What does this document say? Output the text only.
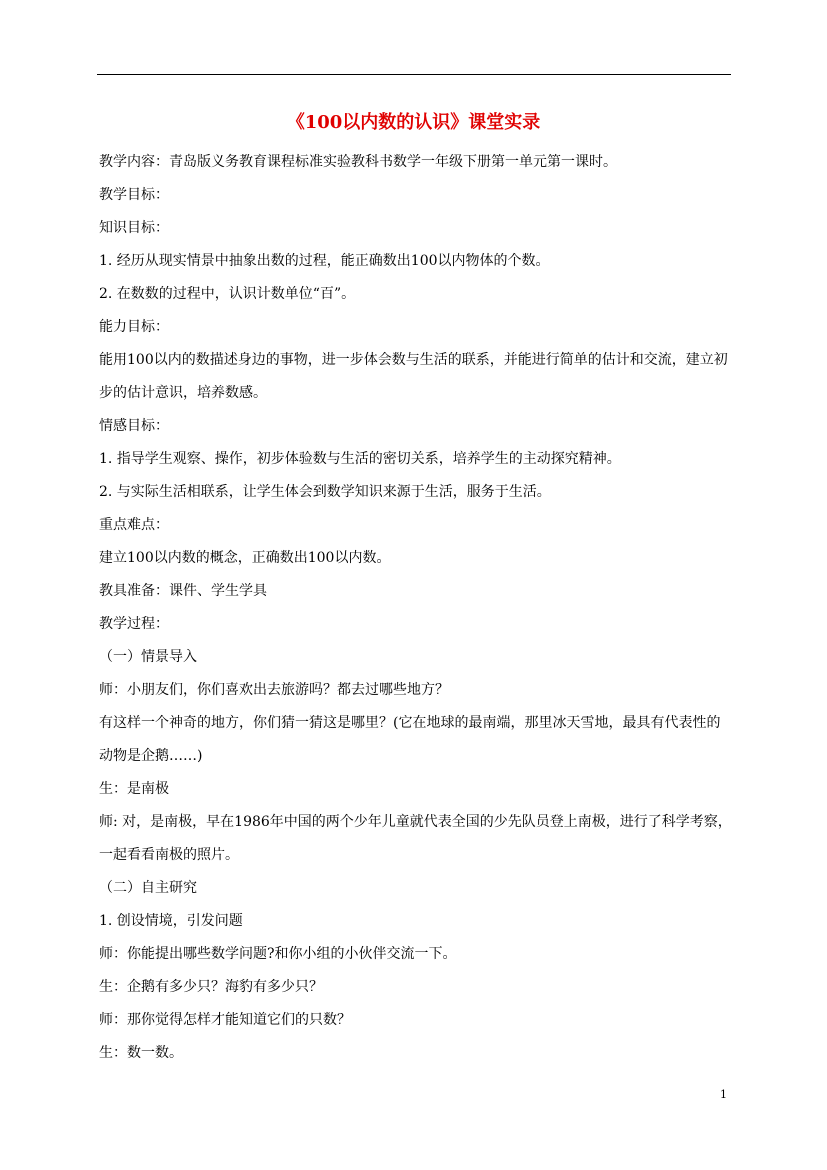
《100以内数的认识》课堂实录

教学内容：青岛版义务教育课程标准实验教科书数学一年级下册第一单元第一课时。

教学目标：

知识目标：

1. 经历从现实情景中抽象出数的过程，能正确数出100以内物体的个数。

2. 在数数的过程中，认识计数单位“百”。

能力目标：

能用100以内的数描述身边的事物，进一步体会数与生活的联系，并能进行简单的估计和交流，建立初步的估计意识，培养数感。

情感目标：

1. 指导学生观察、操作，初步体验数与生活的密切关系，培养学生的主动探究精神。

2. 与实际生活相联系，让学生体会到数学知识来源于生活，服务于生活。

重点难点：

建立100以内数的概念，正确数出100以内数。

教具准备：课件、学生学具

教学过程：

（一）情景导入

师：小朋友们，你们喜欢出去旅游吗？都去过哪些地方？

有这样一个神奇的地方，你们猜一猜这是哪里？(它在地球的最南端，那里冰天雪地，最具有代表性的动物是企鹅……)

生：是南极

师: 对，是南极，早在1986年中国的两个少年儿童就代表全国的少先队员登上南极，进行了科学考察，一起看看南极的照片。

（二）自主研究

1. 创设情境，引发问题

师：你能提出哪些数学问题?和你小组的小伙伴交流一下。

生：企鹅有多少只？海豹有多少只？

师：那你觉得怎样才能知道它们的只数？

生：数一数。

1
